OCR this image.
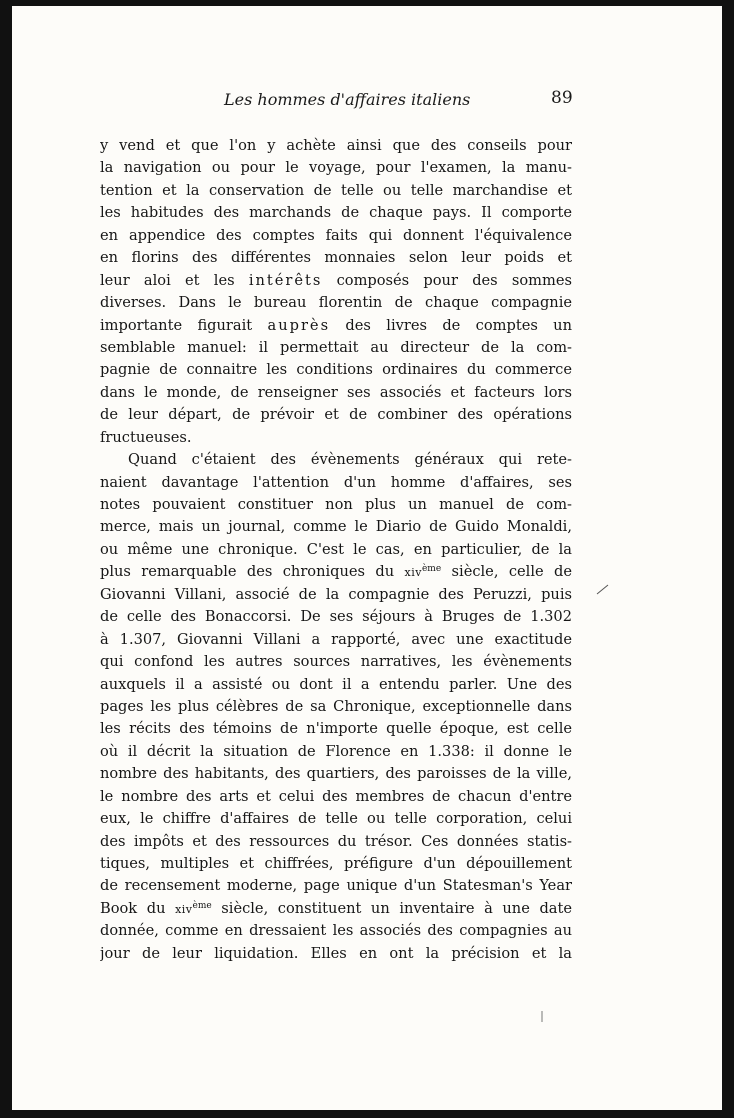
Les hommes d'affaires italiens	89
y vend et que l'on y achète ainsi que des conseils pour
la navigation ou pour le voyage, pour l'examen, la manu-
tention et la conservation de telle ou telle marchandise et
les habitudes des marchands de chaque pays. Il comporte
en appendice des comptes faits qui donnent l'équivalence
en florins des différentes monnaies selon leur poids et
leur aloi et les intérêts composés pour des sommes
diverses. Dans le bureau florentin de chaque compagnie
importante figurait auprès des livres de comptes un
semblable manuel: il permettait au directeur de la com-
pagnie de connaitre les conditions ordinaires du commerce
dans le monde, de renseigner ses associés et facteurs lors
de leur départ, de prévoir et de combiner des opérations
fructueuses.
Quand c'étaient des évènements généraux qui rete-
naient davantage l'attention d'un homme d'affaires, ses
notes pouvaient constituer non plus un manuel de com-
merce, mais un journal, comme le Diario de Guido Monaldi,
ou même une chronique. C'est le cas, en particulier, de la
plus remarquable des chroniques du xiv$^{ème}$ siècle, celle de
Giovanni Villani, associé de la compagnie des Peruzzi, puis
de celle des Bonaccorsi. De ses séjours à Bruges de 1.302
à 1.307, Giovanni Villani a rapporté, avec une exactitude
qui confond les autres sources narratives, les évènements
auxquels il a assisté ou dont il a entendu parler. Une des
pages les plus célèbres de sa Chronique, exceptionnelle dans
les récits des témoins de n'importe quelle époque, est celle
où il décrit la situation de Florence en 1.338: il donne le
nombre des habitants, des quartiers, des paroisses de la ville,
le nombre des arts et celui des membres de chacun d'entre
eux, le chiffre d'affaires de telle ou telle corporation, celui
des impôts et des ressources du trésor. Ces données statis-
tiques, multiples et chiffrées, préfigure d'un dépouillement
de recensement moderne, page unique d'un Statesman's Year
Book du xiv$^{ème}$ siècle, constituent un inventaire à une date
donnée, comme en dressaient les associés des compagnies au
jour de leur liquidation. Elles en ont la précision et la
